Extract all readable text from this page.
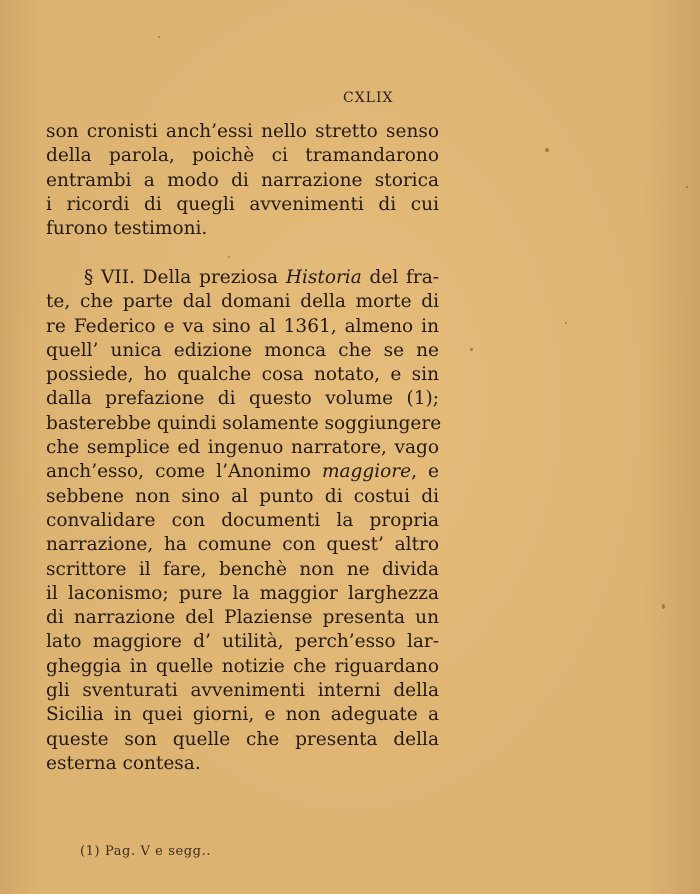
CXLIX
son cronisti anch’essi nello stretto senso
della parola, poichè ci tramandarono
entrambi a modo di narrazione storica
i ricordi di quegli avvenimenti di cui
furono testimoni.
§ VII. Della preziosa Historia del fra-
te, che parte dal domani della morte di
re Federico e va sino al 1361, almeno in
quell’ unica edizione monca che se ne
possiede, ho qualche cosa notato, e sin
dalla prefazione di questo volume (1);
basterebbe quindi solamente soggiungere
che semplice ed ingenuo narratore, vago
anch’esso, come l’Anonimo maggiore, e
sebbene non sino al punto di costui di
convalidare con documenti la propria
narrazione, ha comune con quest’ altro
scrittore il fare, benchè non ne divida
il laconismo; pure la maggior larghezza
di narrazione del Plaziense presenta un
lato maggiore d’ utilità, perch’esso lar-
gheggia in quelle notizie che riguardano
gli sventurati avvenimenti interni della
Sicilia in quei giorni, e non adeguate a
queste son quelle che presenta della
esterna contesa.
(1) Pag. V e segg..
